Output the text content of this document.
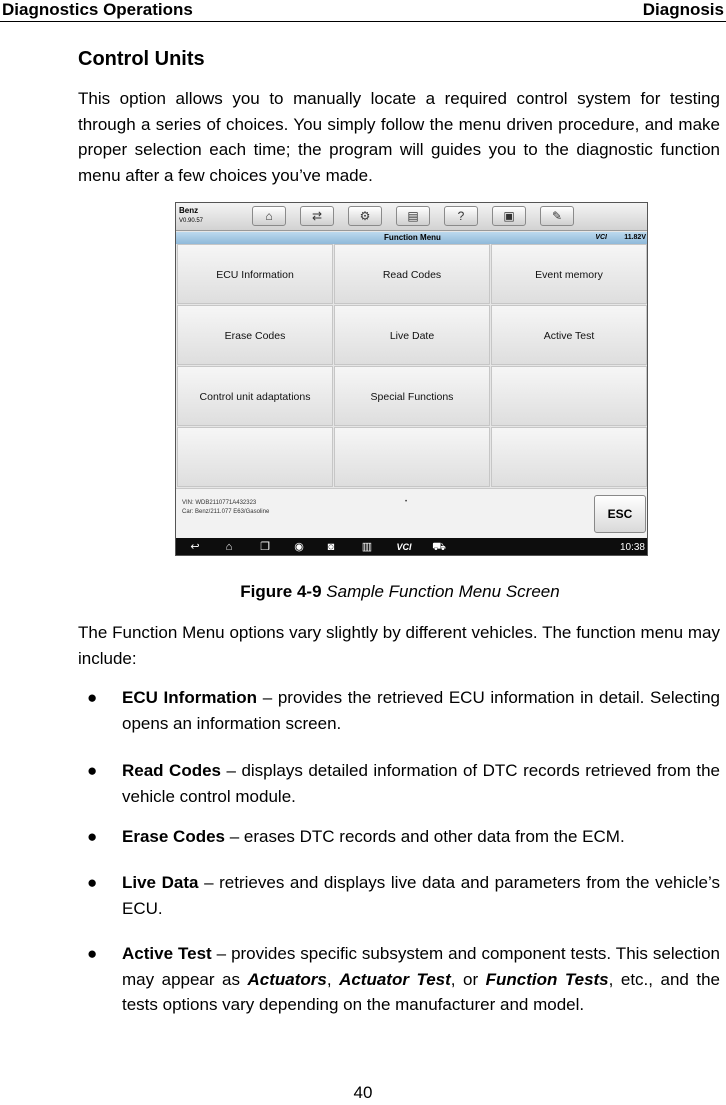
Diagnostics Operations	Diagnosis
Control Units
This option allows you to manually locate a required control system for testing through a series of choices. You simply follow the menu driven procedure, and make proper selection each time; the program will guides you to the diagnostic function menu after a few choices you’ve made.
Benz
V0.90.57	⌂	⇄	⚙	▤	?	▣	✎
Function Menu	VCI 11.82V
ECU Information	Read Codes	Event memory
Erase Codes	Live Date	Active Test
Control unit adaptations	Special Functions
VIN: WDB2110771A432323
Car: Benz/211.077 E63/Gasoline
•
ESC
↩	⌂	❐	◉	◙	▥	VCI	⛟	10:38
Figure 4-9 Sample Function Menu Screen
The Function Menu options vary slightly by different vehicles. The function menu may include:
● ECU Information – provides the retrieved ECU information in detail. Selecting opens an information screen.
● Read Codes – displays detailed information of DTC records retrieved from the vehicle control module.
● Erase Codes – erases DTC records and other data from the ECM.
● Live Data – retrieves and displays live data and parameters from the vehicle’s ECU.
● Active Test – provides specific subsystem and component tests. This selection may appear as Actuators, Actuator Test, or Function Tests, etc., and the tests options vary depending on the manufacturer and model.
40
